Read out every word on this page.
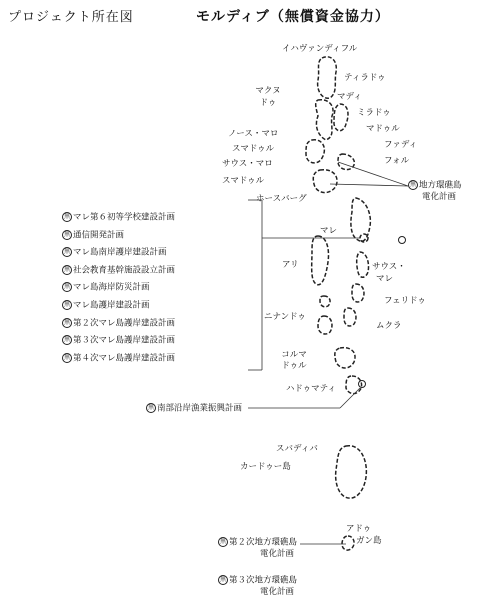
プロジェクト所在図	モルディブ（無償資金協力）
イハヴァンディフル
ティラドゥ
マクヌ
ドゥ
マディ
ミラドゥ
マドゥル
ノース・マロ
ファディ
スマドゥル
フォル
サウス・マロ
スマドゥル
ホースバーグ
マレ
サウス・
マレ
アリ
フェリドゥ
ニナンドゥ
ムクラ
コルマ
ドゥル
ハドゥマティ
スバディバ
カードゥー島
アドゥ
ガン島
無 地方環礁島
電化計画
無 マレ第６初等学校建設計画
無 通信開発計画
無 マレ島南岸護岸建設計画
無 社会教育基幹施設設立計画
無 マレ島海岸防災計画
無 マレ島護岸建設計画
無 第２次マレ島護岸建設計画
無 第３次マレ島護岸建設計画
無 第４次マレ島護岸建設計画
無 南部沿岸漁業振興計画
無 第２次地方環礁島
電化計画
無 第３次地方環礁島
電化計画
